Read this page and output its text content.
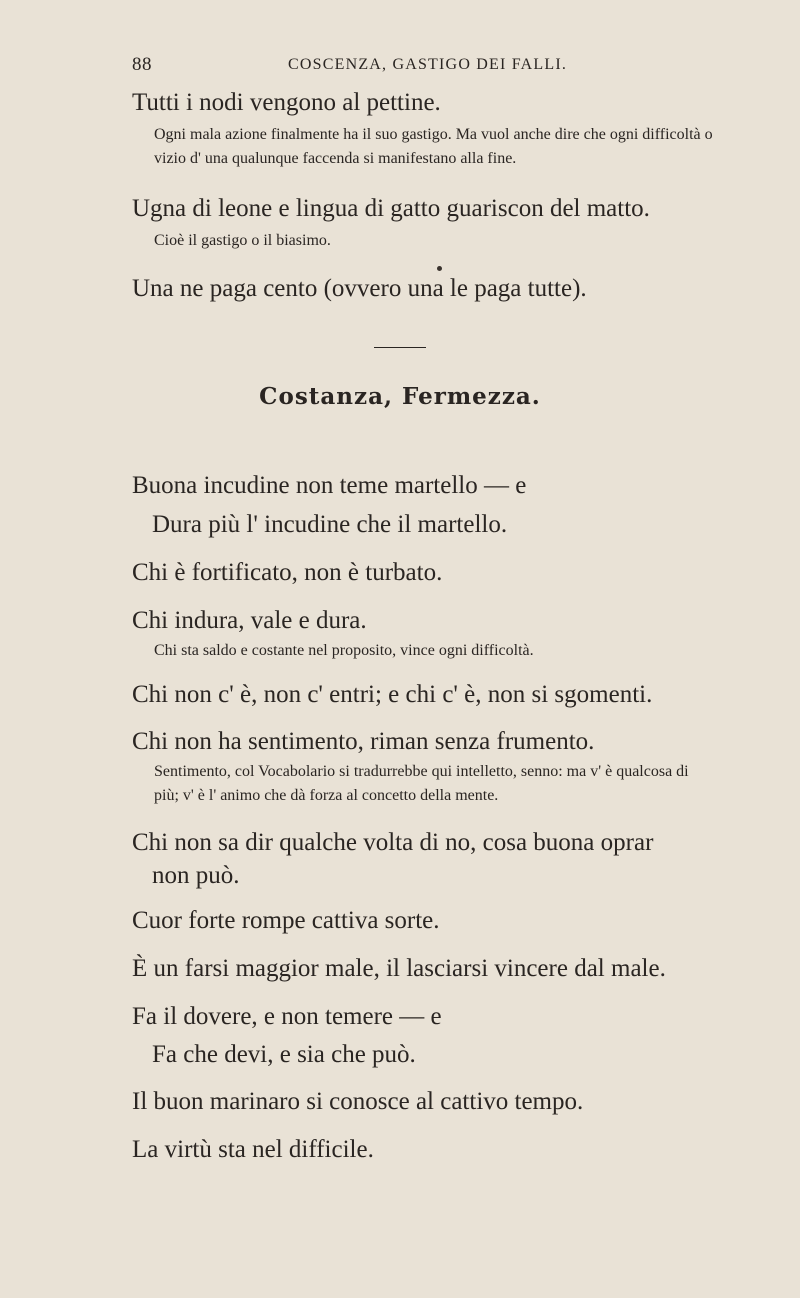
88	COSCENZA, GASTIGO DEI FALLI.

Tutti i nodi vengono al pettine.

Ogni mala azione finalmente ha il suo gastigo. Ma vuol anche dire che ogni difficoltà o vizio d' una qualunque faccenda si manifestano alla fine.

Ugna di leone e lingua di gatto guariscon del matto.

Cioè il gastigo o il biasimo.

Una ne paga cento (ovvero una le paga tutte).

Costanza, Fermezza.

Buona incudine non teme martello — e

Dura più l' incudine che il martello.

Chi è fortificato, non è turbato.

Chi indura, vale e dura.

Chi sta saldo e costante nel proposito, vince ogni difficoltà.

Chi non c' è, non c' entri; e chi c' è, non si sgomenti.

Chi non ha sentimento, riman senza frumento.

Sentimento, col Vocabolario si tradurrebbe qui intelletto, senno: ma v' è qualcosa di più; v' è l' animo che dà forza al concetto della mente.

Chi non sa dir qualche volta di no, cosa buona oprar

non può.

Cuor forte rompe cattiva sorte.

È un farsi maggior male, il lasciarsi vincere dal male.

Fa il dovere, e non temere — e

Fa che devi, e sia che può.

Il buon marinaro si conosce al cattivo tempo.

La virtù sta nel difficile.
